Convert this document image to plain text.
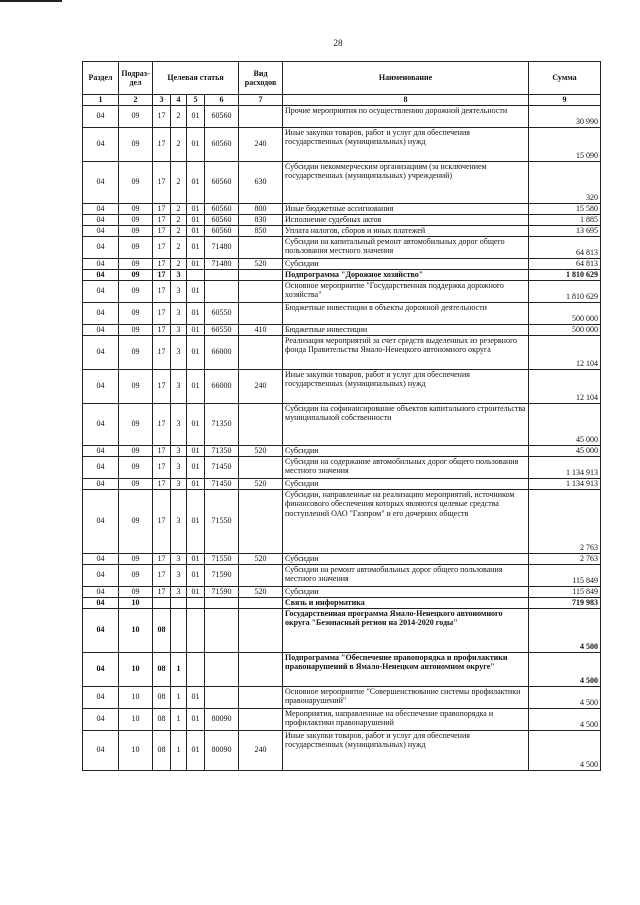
28
Раздел	Подраз-дел	Целевая статья				Вид расходов	Наименование	Сумма
1	2	3	4	5	6	7	8	9
04	09	17	2	01	60560		Прочие мероприятия по осуществлению дорожной деятельности	30 990
04	09	17	2	01	60560	240	Иные закупки товаров, работ и услуг для обеспечения государственных (муниципальных) нужд	15 090
04	09	17	2	01	60560	630	Субсидии некоммерческим организациям (за исключением государственных (муниципальных) учреждений)	320
04	09	17	2	01	60560	800	Иные бюджетные ассигнования	15 580
04	09	17	2	01	60560	830	Исполнение судебных актов	1 885
04	09	17	2	01	60560	850	Уплата налогов, сборов и иных платежей	13 695
04	09	17	2	01	71480		Субсидии на капитальный ремонт автомобильных дорог общего пользования местного значения	64 813
04	09	17	2	01	71480	520	Субсидии	64 813
04	09	17	3				Подпрограмма "Дорожное хозяйство"	1 810 629
04	09	17	3	01			Основное мероприятие "Государственная поддержка дорожного хозяйства"	1 810 629
04	09	17	3	01	60550		Бюджетные инвестиции в объекты дорожной деятельности	500 000
04	09	17	3	01	60550	410	Бюджетные инвестиции	500 000
04	09	17	3	01	66000		Реализация мероприятий за счет средств выделенных из резервного фонда Правительства Ямало-Ненецкого автономного округа	12 104
04	09	17	3	01	66000	240	Иные закупки товаров, работ и услуг для обеспечения государственных (муниципальных) нужд	12 104
04	09	17	3	01	71350		Субсидии на софинансирование объектов капитального строительства муниципальной собственности	45 000
04	09	17	3	01	71350	520	Субсидии	45 000
04	09	17	3	01	71450		Субсидии на содержание автомобильных дорог общего пользования местного значения	1 134 913
04	09	17	3	01	71450	520	Субсидии	1 134 913
04	09	17	3	01	71550		Субсидии, направленные на реализацию мероприятий, источником финансового обеспечения которых являются целевые средства поступлений ОАО "Газпром" и его дочерних обществ	2 763
04	09	17	3	01	71550	520	Субсидии	2 763
04	09	17	3	01	71590		Субсидии на ремонт автомобильных дорог общего пользования местного значения	115 849
04	09	17	3	01	71590	520	Субсидии	115 849
04	10						Связь и информатика	719 983
04	10	08					Государственная программа Ямало-Ненецкого автономного округа "Безопасный регион на 2014-2020 годы"	4 500
04	10	08	1				Подпрограмма "Обеспечение правопорядка и профилактики правонарушений в Ямало-Ненецком автономном округе"	4 500
04	10	08	1	01			Основное мероприятие "Совершенствование системы профилактики правонарушений"	4 500
04	10	08	1	01	80090		Мероприятия, направленные на обеспечение правопорядка и профилактики правонарушений	4 500
04	10	08	1	01	80090	240	Иные закупки товаров, работ и услуг для обеспечения государственных (муниципальных) нужд	4 500
